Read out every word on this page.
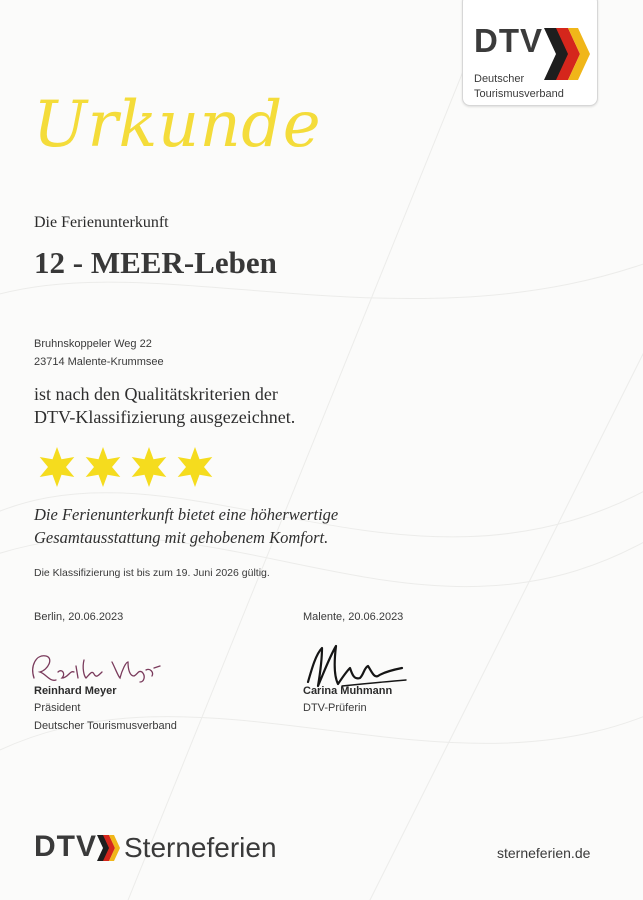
DTV
Deutscher
Tourismusverband
Urkunde
Die Ferienunterkunft
12 - MEER-Leben
Bruhnskoppeler Weg 22
23714 Malente-Krummsee
ist nach den Qualitätskriterien der
DTV-Klassifizierung ausgezeichnet.
Die Ferienunterkunft bietet eine höherwertige
Gesamtausstattung mit gehobenem Komfort.
Die Klassifizierung ist bis zum 19. Juni 2026 gültig.
Berlin, 20.06.2023	Malente, 20.06.2023
Reinhard Meyer
Präsident
Deutscher Tourismusverband
Carina Muhmann
DTV-Prüferin
DTV Sterneferien	sterneferien.de
